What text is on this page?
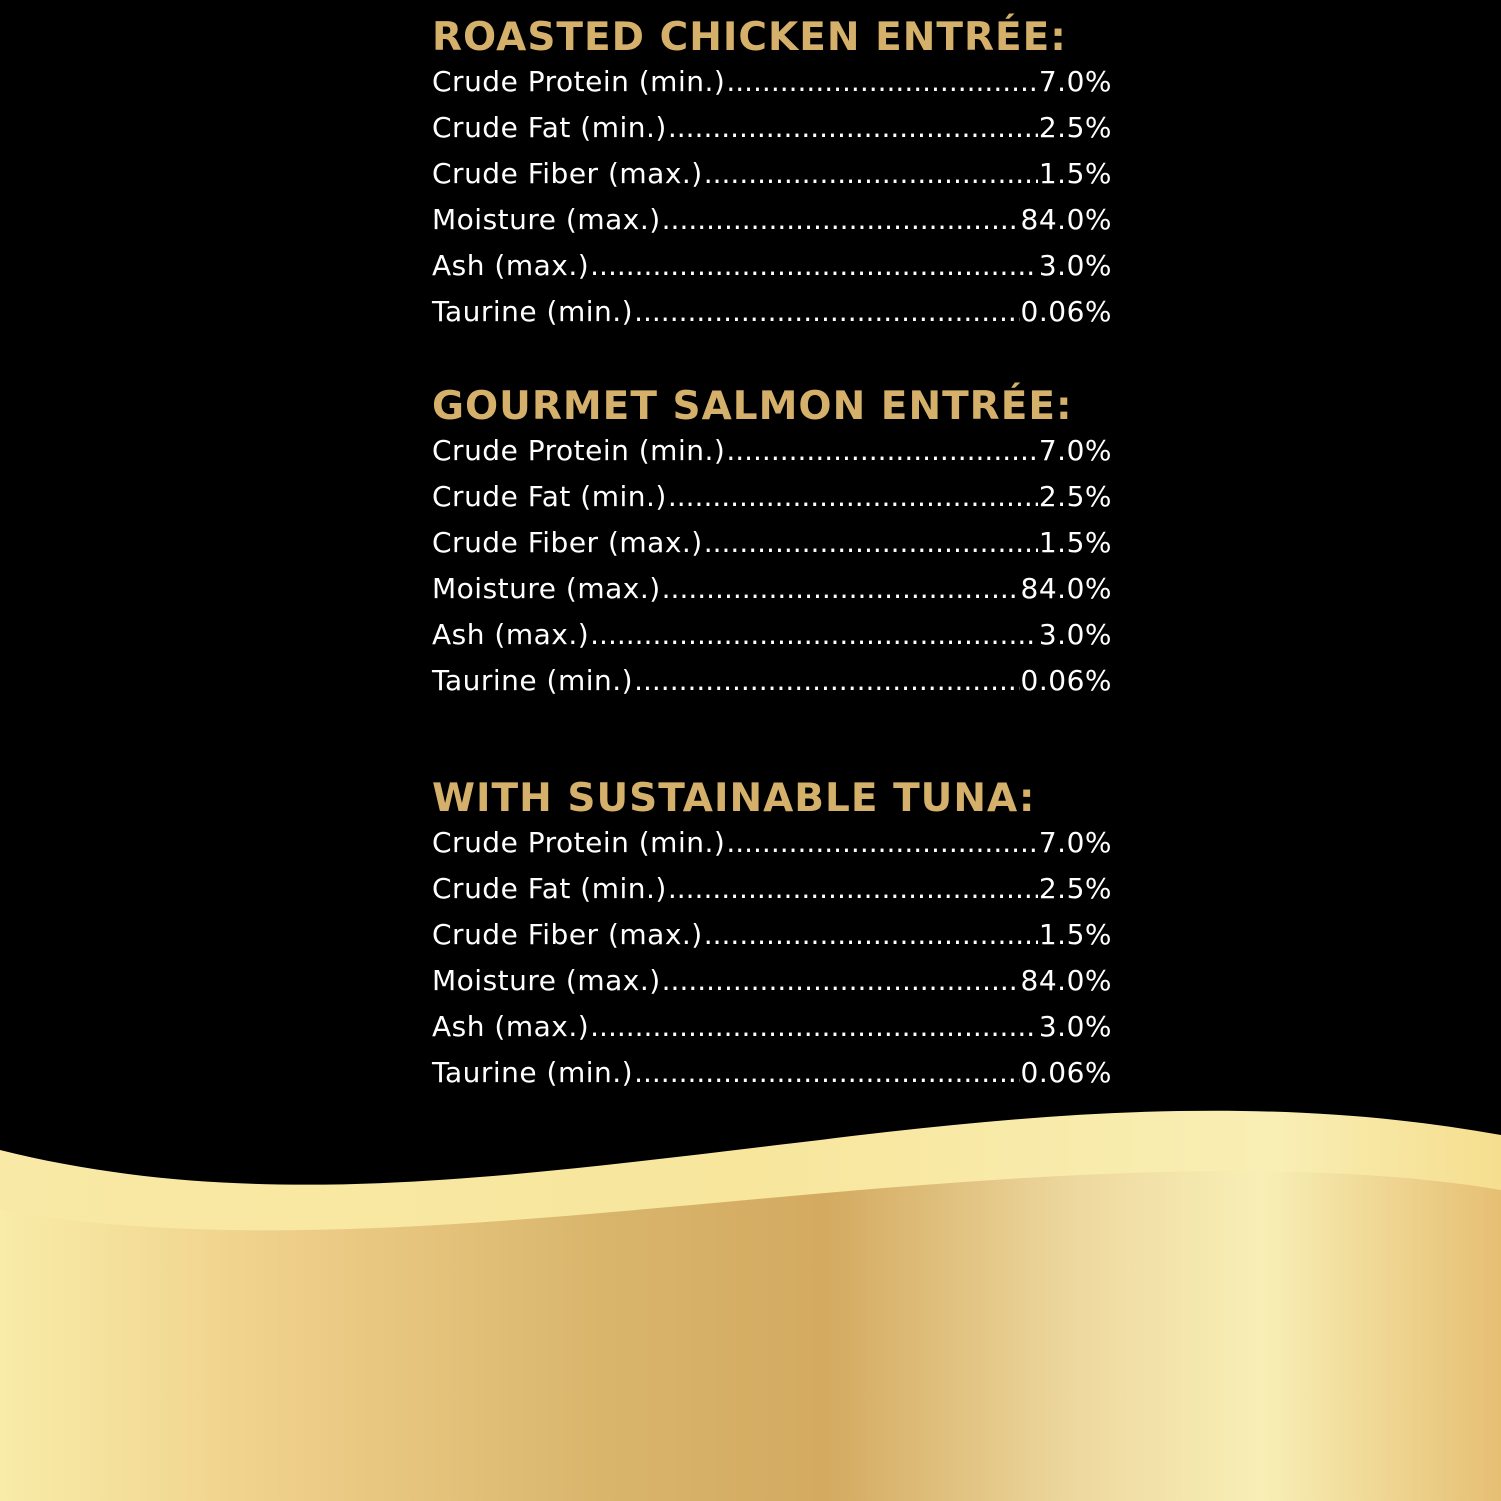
ROASTED CHICKEN ENTRÉE:
Crude Protein (min.) .....	7.0%
Crude Fat (min.) .....	2.5%
Crude Fiber (max.) .....	1.5%
Moisture (max.) .....	84.0%
Ash (max.) .....	3.0%
Taurine (min.) .....	0.06%
GOURMET SALMON ENTRÉE:
Crude Protein (min.) .....	7.0%
Crude Fat (min.) .....	2.5%
Crude Fiber (max.) .....	1.5%
Moisture (max.) .....	84.0%
Ash (max.) .....	3.0%
Taurine (min.) .....	0.06%
WITH SUSTAINABLE TUNA:
Crude Protein (min.) .....	7.0%
Crude Fat (min.) .....	2.5%
Crude Fiber (max.) .....	1.5%
Moisture (max.) .....	84.0%
Ash (max.) .....	3.0%
Taurine (min.) .....	0.06%
